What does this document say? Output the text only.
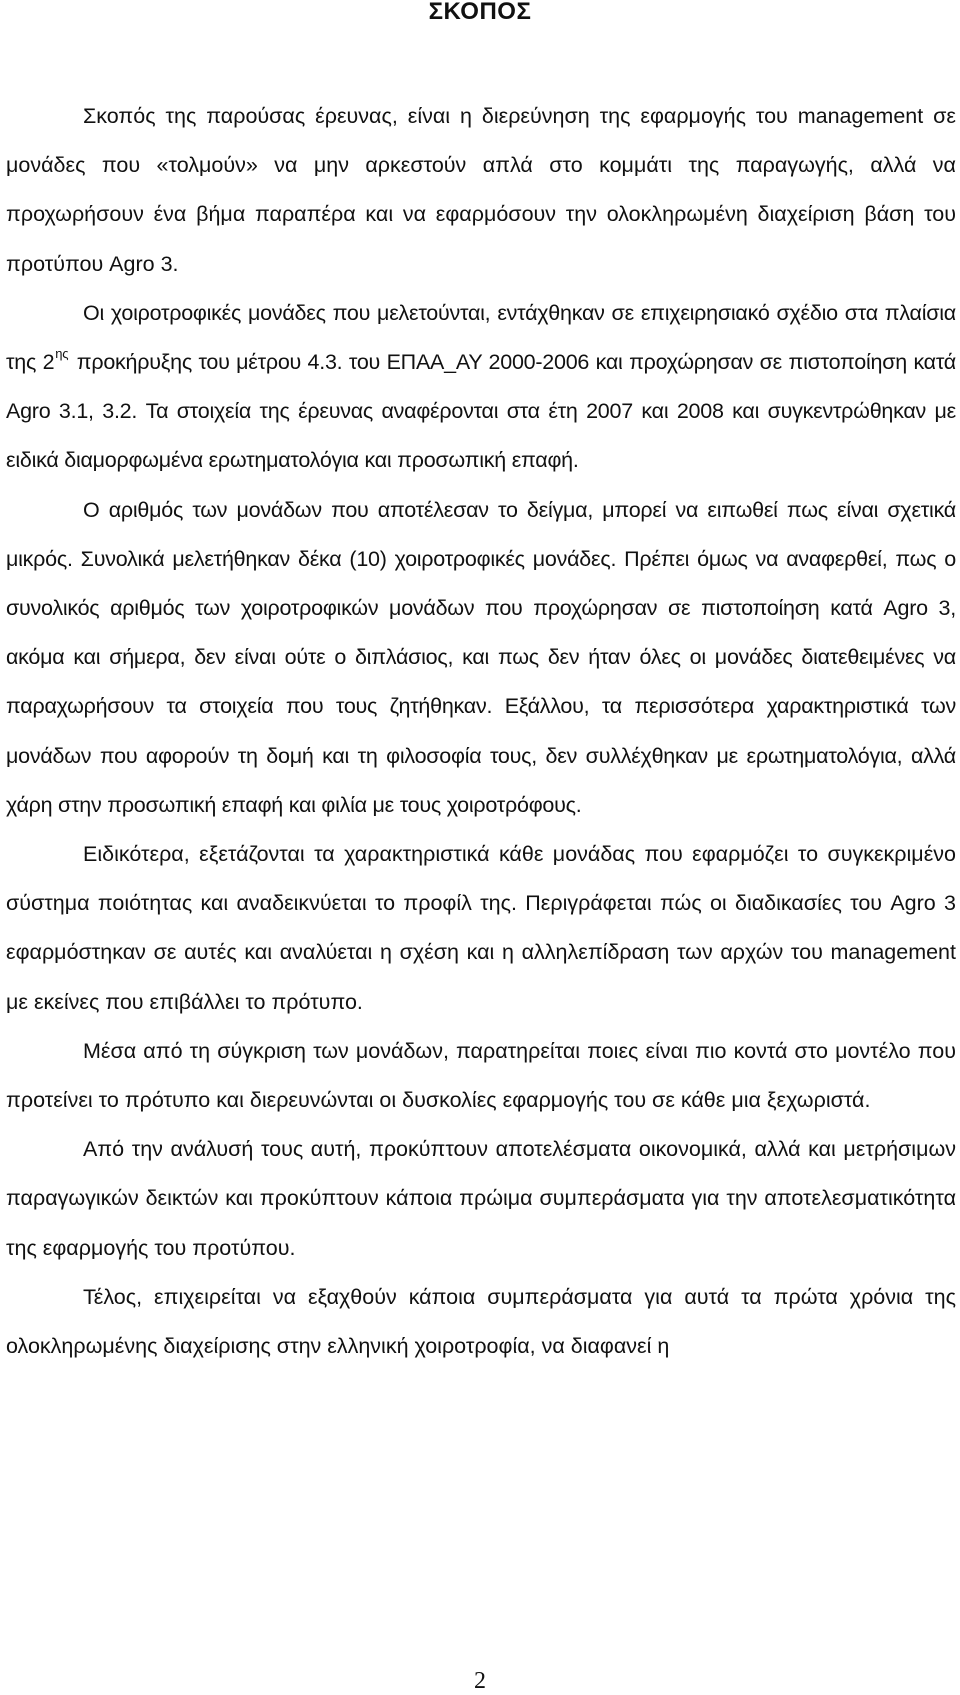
ΣΚΟΠΟΣ

Σκοπός της παρούσας έρευνας, είναι η διερεύνηση της εφαρμογής του management σε μονάδες που «τολμούν» να μην αρκεστούν απλά στο κομμάτι της παραγωγής, αλλά να προχωρήσουν ένα βήμα παραπέρα και να εφαρμόσουν την ολοκληρωμένη διαχείριση βάση του προτύπου Agro 3.

Οι χοιροτροφικές μονάδες που μελετούνται, εντάχθηκαν σε επιχειρησιακό σχέδιο στα πλαίσια της $2^{\eta\varsigma}$ προκήρυξης του μέτρου 4.3. του ΕΠΑΑ_ΑΥ 2000-2006 και προχώρησαν σε πιστοποίηση κατά Agro 3.1, 3.2. Τα στοιχεία της έρευνας αναφέρονται στα έτη 2007 και 2008 και συγκεντρώθηκαν με ειδικά διαμορφωμένα ερωτηματολόγια και προσωπική επαφή.

Ο αριθμός των μονάδων που αποτέλεσαν το δείγμα, μπορεί να ειπωθεί πως είναι σχετικά μικρός. Συνολικά μελετήθηκαν δέκα (10) χοιροτροφικές μονάδες. Πρέπει όμως να αναφερθεί, πως ο συνολικός αριθμός των χοιροτροφικών μονάδων που προχώρησαν σε πιστοποίηση κατά Agro 3, ακόμα και σήμερα, δεν είναι ούτε ο διπλάσιος, και πως δεν ήταν όλες οι μονάδες διατεθειμένες να παραχωρήσουν τα στοιχεία που τους ζητήθηκαν. Εξάλλου, τα περισσότερα χαρακτηριστικά των μονάδων που αφορούν τη δομή και τη φιλοσοφία τους, δεν συλλέχθηκαν με ερωτηματολόγια, αλλά χάρη στην προσωπική επαφή και φιλία με τους χοιροτρόφους.

Ειδικότερα, εξετάζονται τα χαρακτηριστικά κάθε μονάδας που εφαρμόζει το συγκεκριμένο σύστημα ποιότητας και αναδεικνύεται το προφίλ της. Περιγράφεται πώς οι διαδικασίες του Agro 3 εφαρμόστηκαν σε αυτές και αναλύεται η σχέση και η αλληλεπίδραση των αρχών του management με εκείνες που επιβάλλει το πρότυπο.

Μέσα από τη σύγκριση των μονάδων, παρατηρείται ποιες είναι πιο κοντά στο μοντέλο που προτείνει το πρότυπο και διερευνώνται οι δυσκολίες εφαρμογής του σε κάθε μια ξεχωριστά.

Από την ανάλυσή τους αυτή, προκύπτουν αποτελέσματα οικονομικά, αλλά και μετρήσιμων παραγωγικών δεικτών και προκύπτουν κάποια πρώιμα συμπεράσματα για την αποτελεσματικότητα της εφαρμογής του προτύπου.

Τέλος, επιχειρείται να εξαχθούν κάποια συμπεράσματα για αυτά τα πρώτα χρόνια της ολοκληρωμένης διαχείρισης στην ελληνική χοιροτροφία, να διαφανεί η

2
